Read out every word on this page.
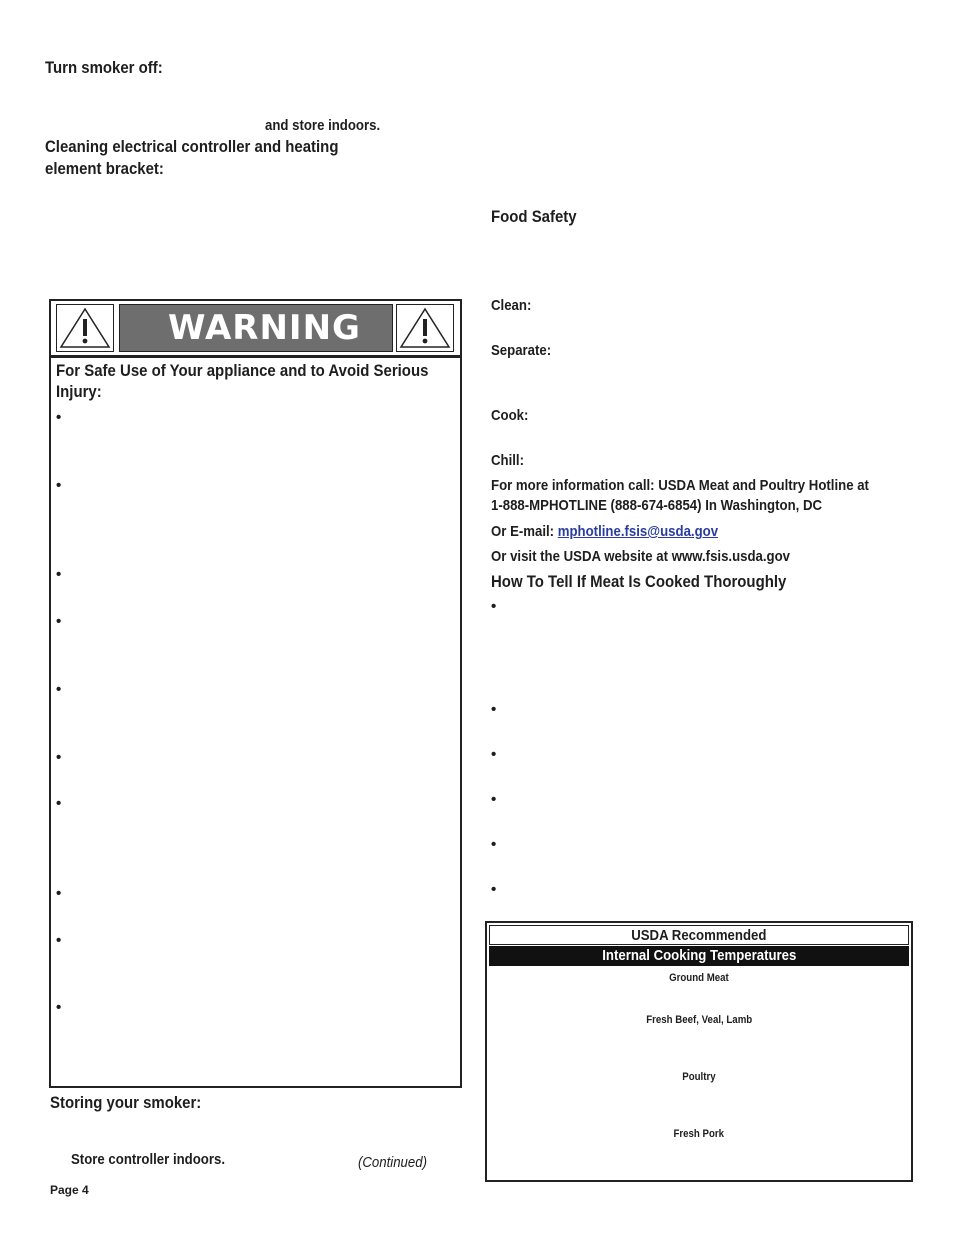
Turn smoker off:
and store indoors.
Cleaning electrical controller and heating
element bracket:
WARNING
For Safe Use of Your appliance and to Avoid Serious
Injury:
•
•
•
•
•
•
•
•
•
•
Storing your smoker:
Store controller indoors.	(Continued)
Page 4
Food Safety
Clean:
Separate:
Cook:
Chill:
For more information call: USDA Meat and Poultry Hotline at
1-888-MPHOTLINE (888-674-6854) In Washington, DC
Or E-mail: mphotline.fsis@usda.gov
Or visit the USDA website at www.fsis.usda.gov
How To Tell If Meat Is Cooked Thoroughly
•
•
•
•
•
•
USDA Recommended
Internal Cooking Temperatures
Ground Meat
Fresh Beef, Veal, Lamb
Poultry
Fresh Pork
